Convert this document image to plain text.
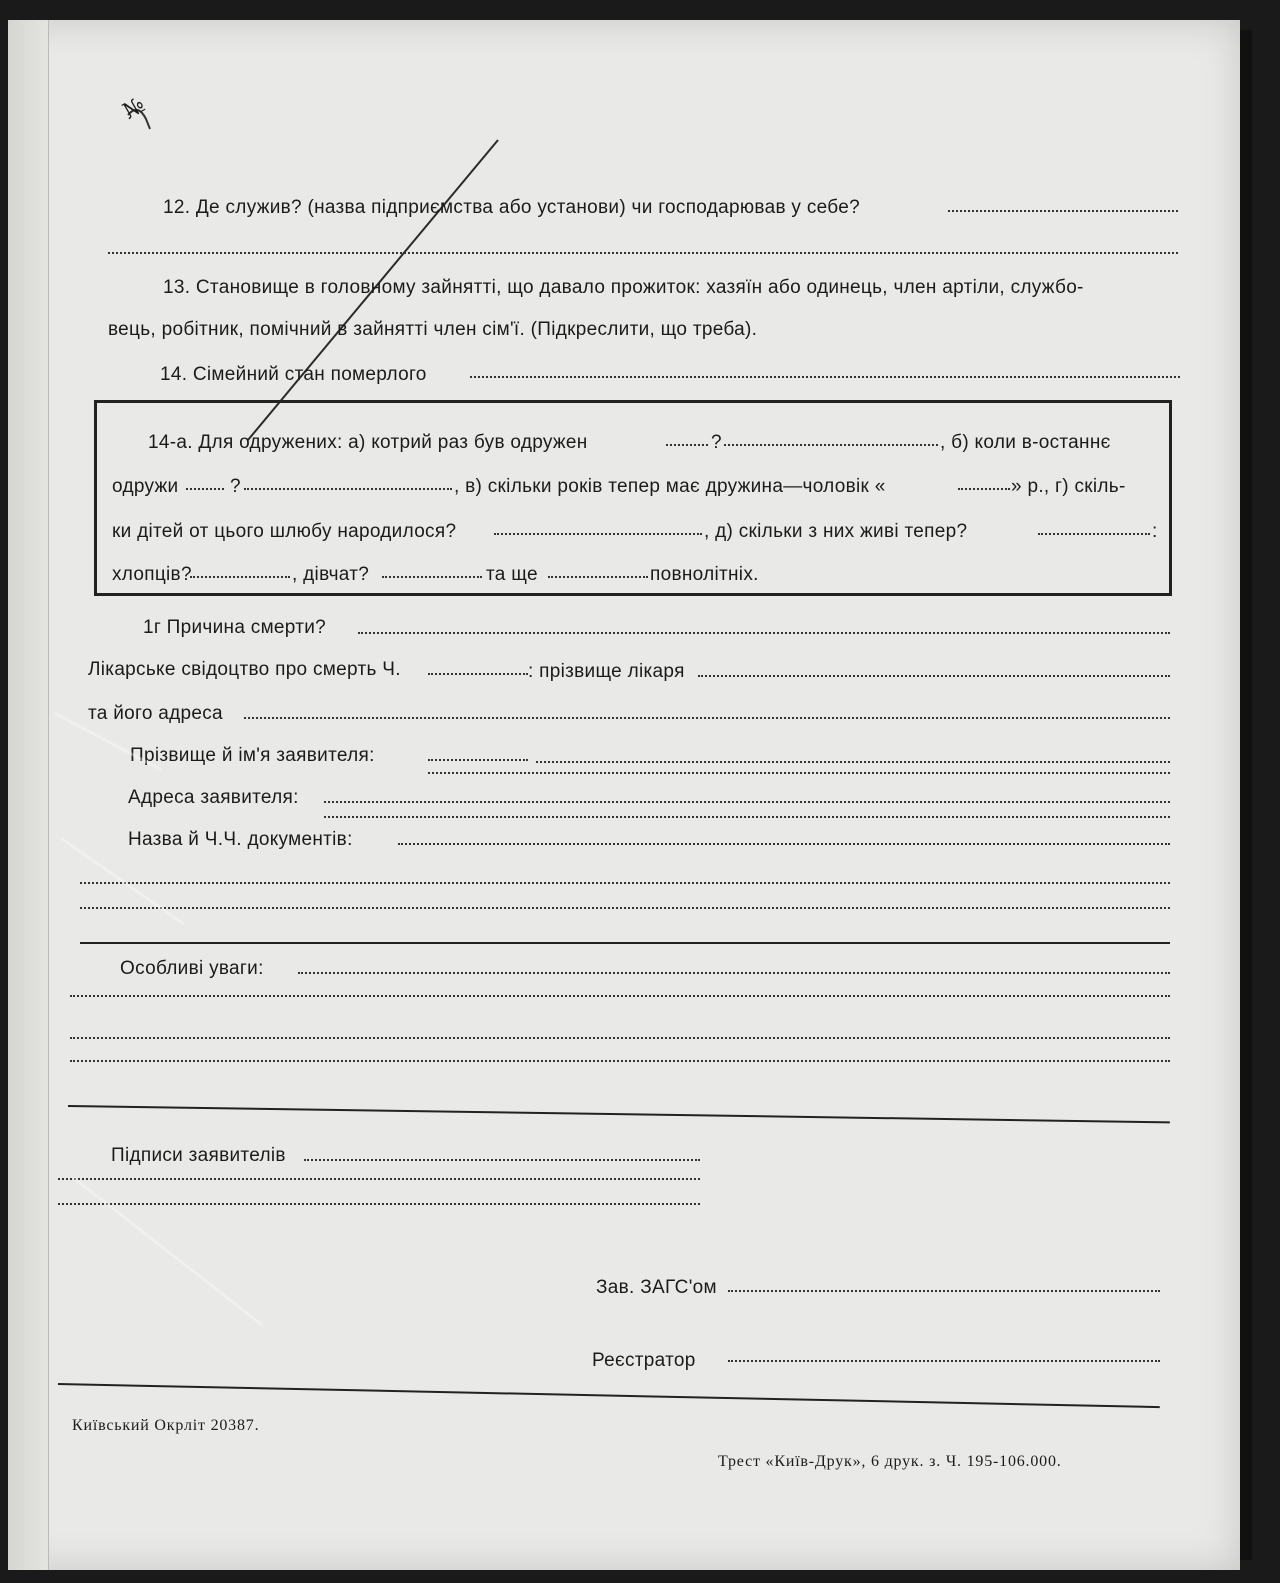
12. Де служив? (назва підприємства або установи) чи господарював у себе?
13. Становище в головному зайнятті, що давало прожиток: хазяїн або одинець, член артіли, службо-
вець, робітник, помічний в зайнятті член сім'ї. (Підкреслити, що треба).
14. Сімейний стан померлого
14-а. Для одружених: а) котрий раз був одружен	?	, б) коли в-останнє
одружи	?	, в) скільки років тепер має дружина—чоловік «	» р., г) скіль-
ки дітей от цього шлюбу народилося?	, д) скільки з них живі тепер?	:
хлопців?	, дівчат?	та ще	повнолітніх.
1г Причина смерти?
Лікарське свідоцтво про смерть Ч.	: прізвище лікаря
та його адреса
Прізвище й ім'я заявителя:
Адреса заявителя:
Назва й Ч.Ч. документів:
Особливі уваги:
Підписи заявителів
Зав. ЗАГС'ом
Реєстратор
Київський Окрліт 20387.
Трест «Київ-Друк», 6 друк. з. Ч. 195-106.000.
№
